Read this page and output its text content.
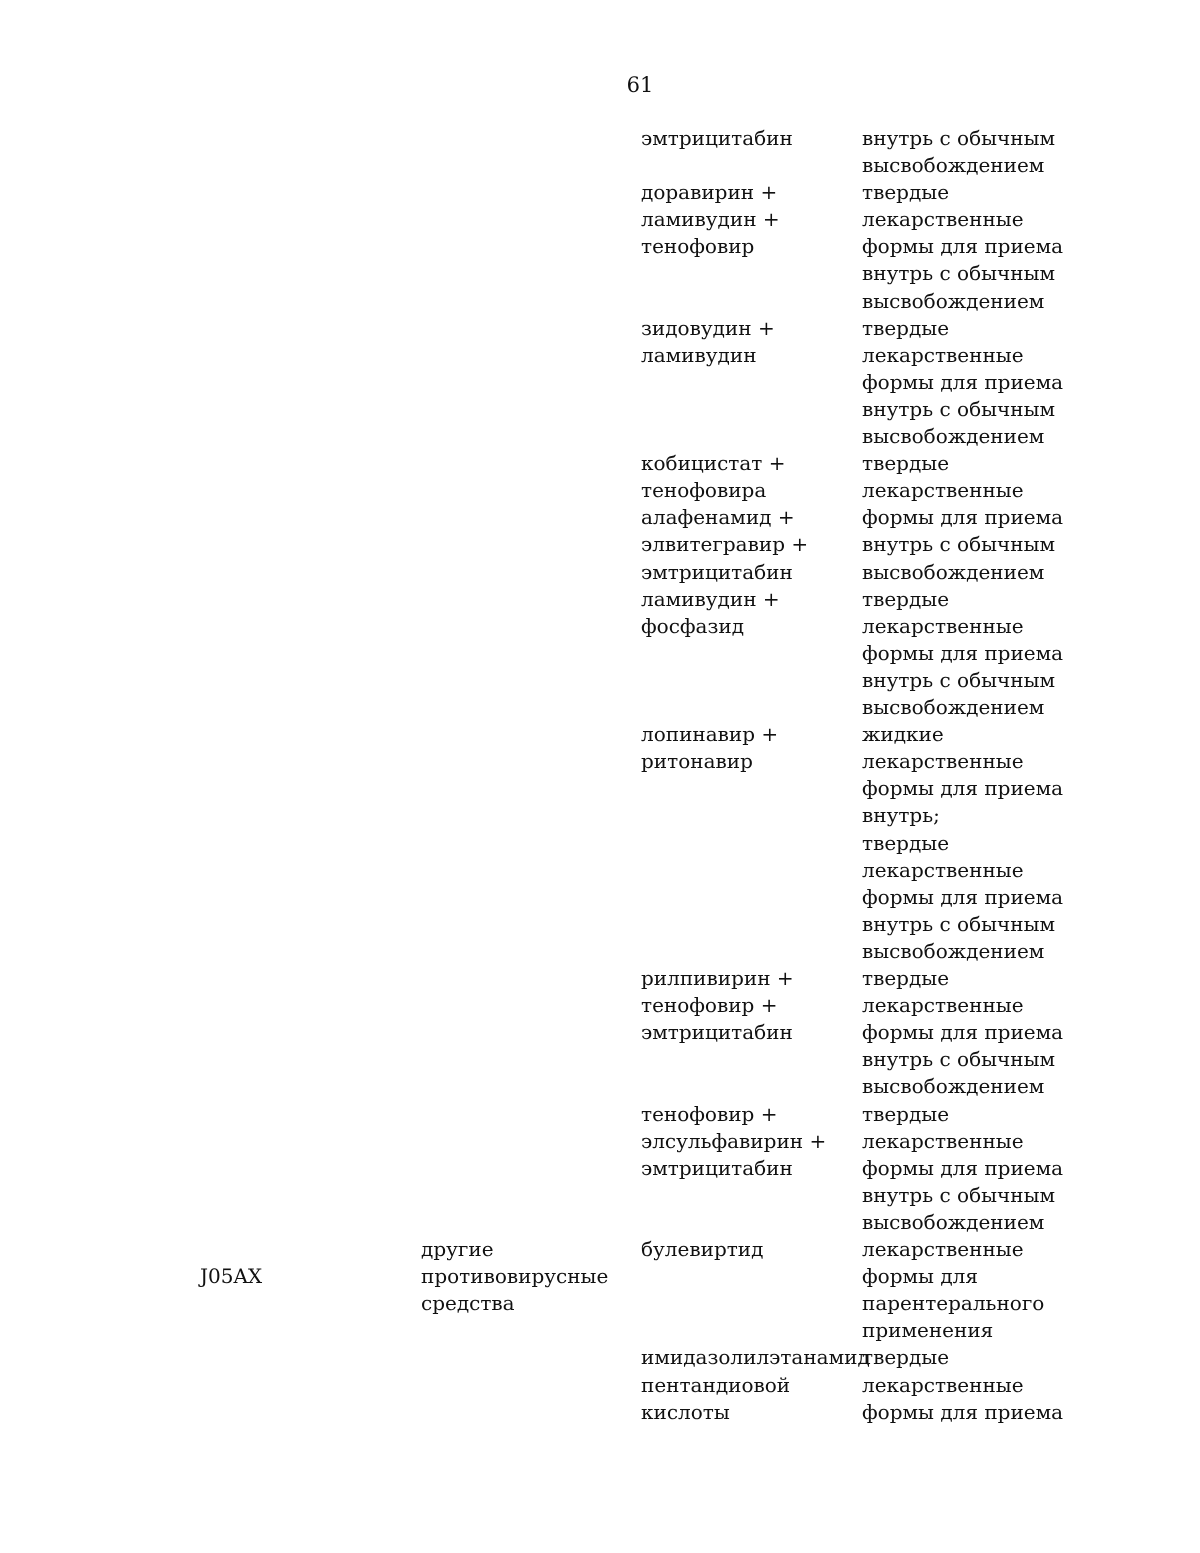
61
эмтрицитабин	внутрь с обычным
высвобождением
доравирин +
ламивудин +
тенофовир
твердые
лекарственные
формы для приема
внутрь с обычным
высвобождением
зидовудин +
ламивудин
твердые
лекарственные
формы для приема
внутрь с обычным
высвобождением
кобицистат +
тенофовира
алафенамид +
элвитегравир +
эмтрицитабин
твердые
лекарственные
формы для приема
внутрь с обычным
высвобождением
ламивудин +
фосфазид
твердые
лекарственные
формы для приема
внутрь с обычным
высвобождением
лопинавир +
ритонавир
жидкие
лекарственные
формы для приема
внутрь;
твердые
лекарственные
формы для приема
внутрь с обычным
высвобождением
рилпивирин +
тенофовир +
эмтрицитабин
твердые
лекарственные
формы для приема
внутрь с обычным
высвобождением
тенофовир +
элсульфавирин +
эмтрицитабин
твердые
лекарственные
формы для приема
внутрь с обычным
высвобождением
J05AX
другие
противовирусные
средства
булевиртид	лекарственные
формы для
парентерального
применения
имидазолилэтанамид
пентандиовой
кислоты
твердые
лекарственные
формы для приема
